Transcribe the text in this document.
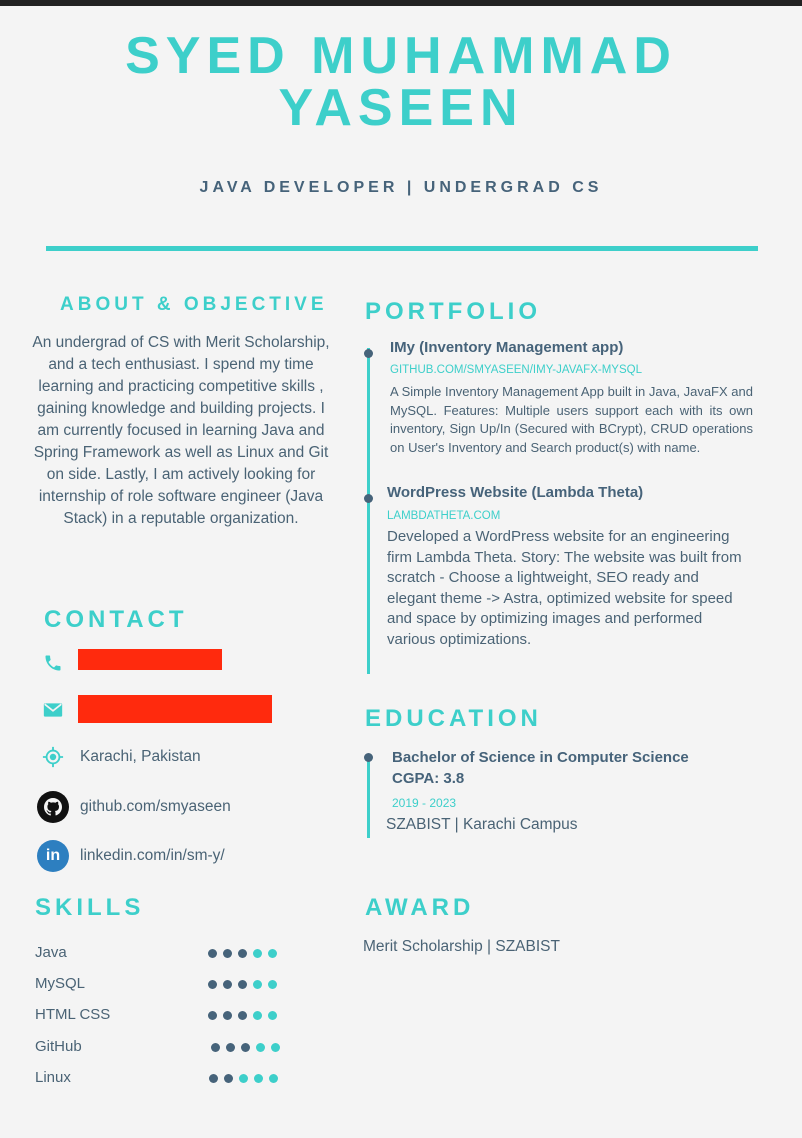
SYED MUHAMMAD
YASEEN
JAVA DEVELOPER | UNDERGRAD CS
ABOUT & OBJECTIVE
An undergrad of CS with Merit Scholarship, and a tech enthusiast. I spend my time learning and practicing competitive skills , gaining knowledge and building projects. I am currently focused in learning Java and Spring Framework as well as Linux and Git on side. Lastly, I am actively looking for internship of role software engineer (Java Stack) in a reputable organization.
CONTACT
Karachi, Pakistan
github.com/smyaseen
in	linkedin.com/in/sm-y/
SKILLS
Java
MySQL
HTML CSS
GitHub
Linux
PORTFOLIO
IMy (Inventory Management app)
GITHUB.COM/SMYASEEN/IMY-JAVAFX-MYSQL
A Simple Inventory Management App built in Java, JavaFX and MySQL. Features: Multiple users support each with its own inventory, Sign Up/In (Secured with BCrypt), CRUD operations on User's Inventory and Search product(s) with name.
WordPress Website (Lambda Theta)
LAMBDATHETA.COM
Developed a WordPress website for an engineering firm Lambda Theta. Story: The website was built from scratch - Choose a lightweight, SEO ready and elegant theme -> Astra, optimized website for speed and space by optimizing images and performed various optimizations.
EDUCATION
Bachelor of Science in Computer Science
CGPA: 3.8
2019 - 2023
SZABIST | Karachi Campus
AWARD
Merit Scholarship | SZABIST
